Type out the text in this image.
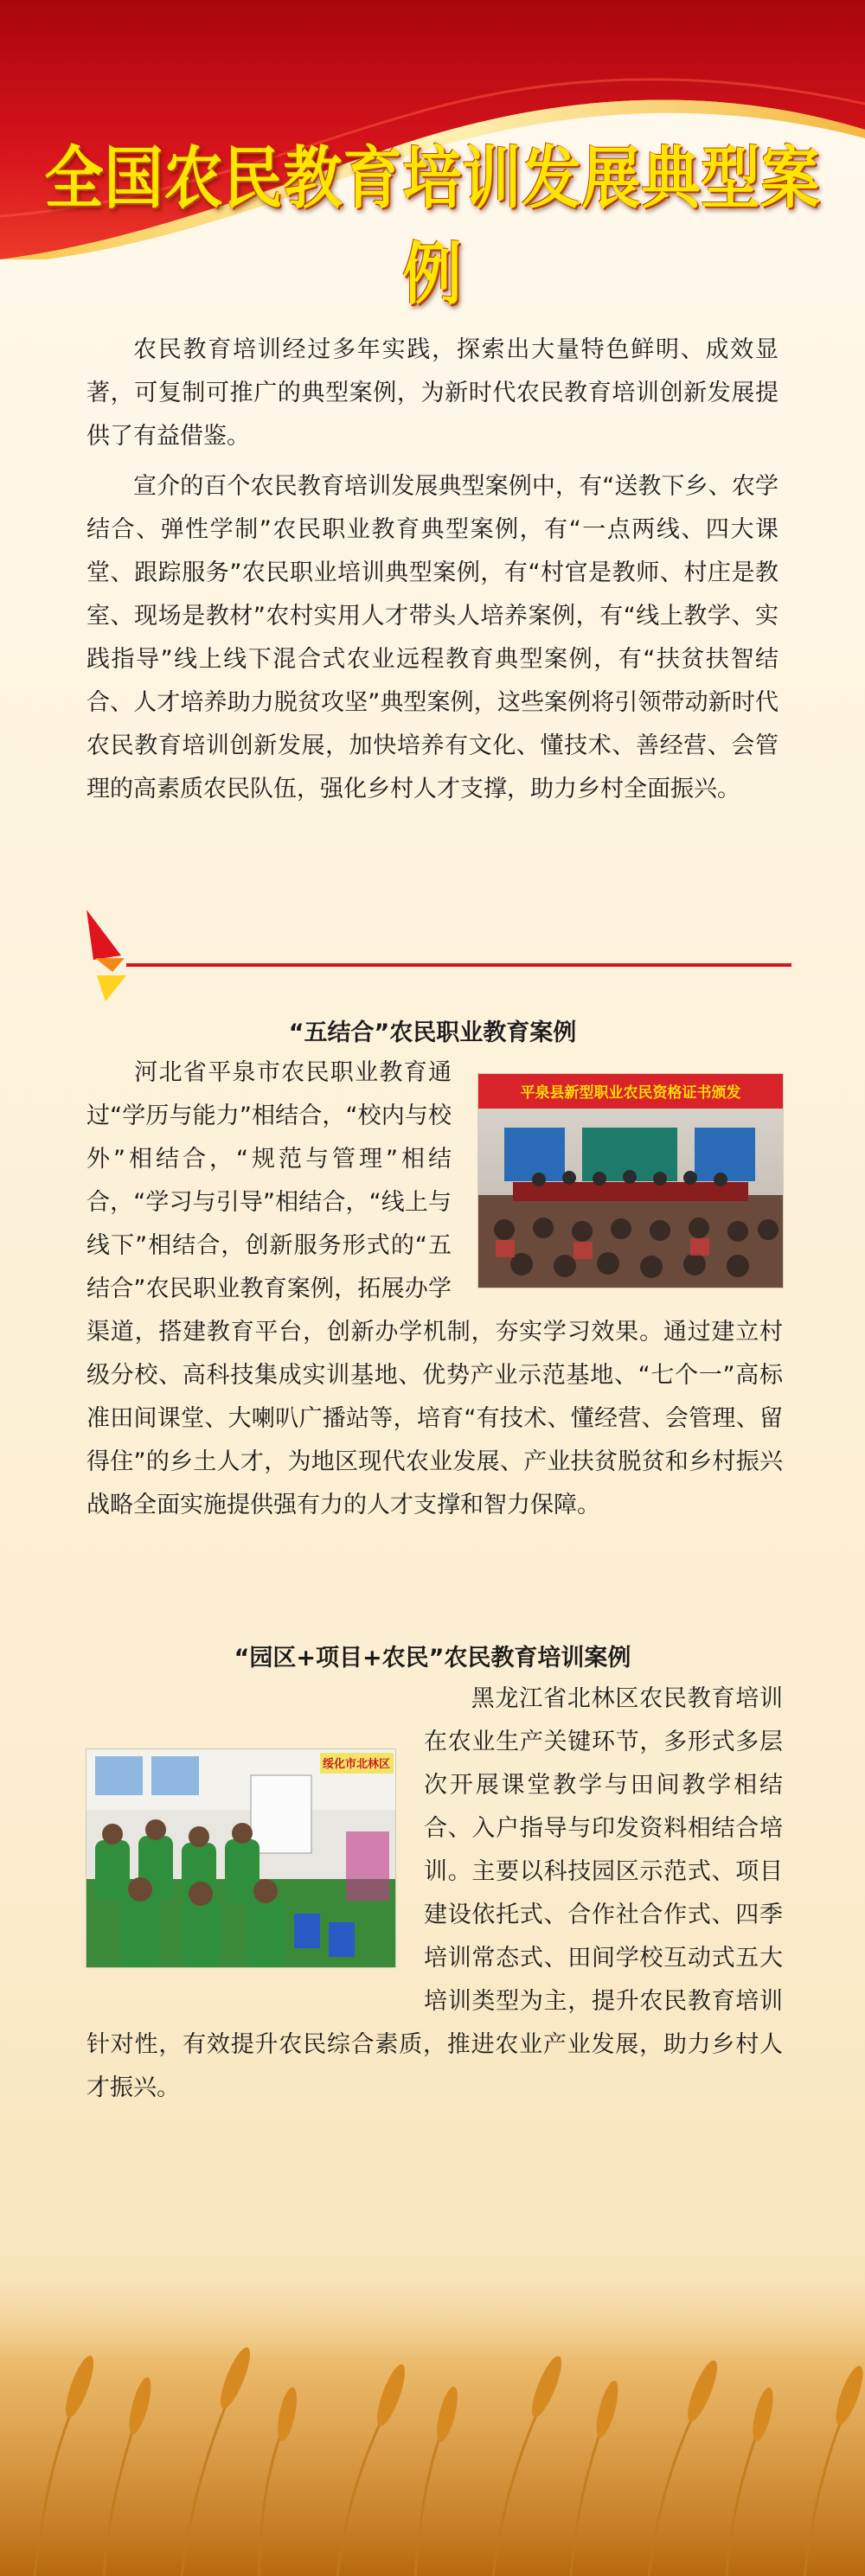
全国农民教育培训发展典型案例

农民教育培训经过多年实践，探索出大量特色鲜明、成效显著，可复制可推广的典型案例，为新时代农民教育培训创新发展提供了有益借鉴。

宣介的百个农民教育培训发展典型案例中，有“送教下乡、农学结合、弹性学制”农民职业教育典型案例，有“一点两线、四大课堂、跟踪服务”农民职业培训典型案例，有“村官是教师、村庄是教室、现场是教材”农村实用人才带头人培养案例，有“线上教学、实践指导”线上线下混合式农业远程教育典型案例，有“扶贫扶智结合、人才培养助力脱贫攻坚”典型案例，这些案例将引领带动新时代农民教育培训创新发展，加快培养有文化、懂技术、善经营、会管理的高素质农民队伍，强化乡村人才支撑，助力乡村全面振兴。

“五结合”农民职业教育案例
河北省平泉市农民职业教育通过“学历与能力”相结合，“校内与校外”相结合，“规范与管理”相结合，“学习与引导”相结合，“线上与线下”相结合，创新服务形式的“五结合”农民职业教育案例，拓展办学渠道，搭建教育平台，创新办学机制，夯实学习效果。通过建立村级分校、高科技集成实训基地、优势产业示范基地、“七个一”高标准田间课堂、大喇叭广播站等，培育“有技术、懂经营、会管理、留得住”的乡土人才，为地区现代农业发展、产业扶贫脱贫和乡村振兴战略全面实施提供强有力的人才支撑和智力保障。
平泉县新型职业农民资格证书颁发
“园区+项目+农民”农民教育培训案例
黑龙江省北林区农民教育培训在农业生产关键环节，多形式多层次开展课堂教学与田间教学相结合、入户指导与印发资料相结合培训。主要以科技园区示范式、项目建设依托式、合作社合作式、四季培训常态式、田间学校互动式五大培训类型为主，提升农民教育培训针对性，有效提升农民综合素质，推进农业产业发展，助力乡村人才振兴。
绥化市北林区
